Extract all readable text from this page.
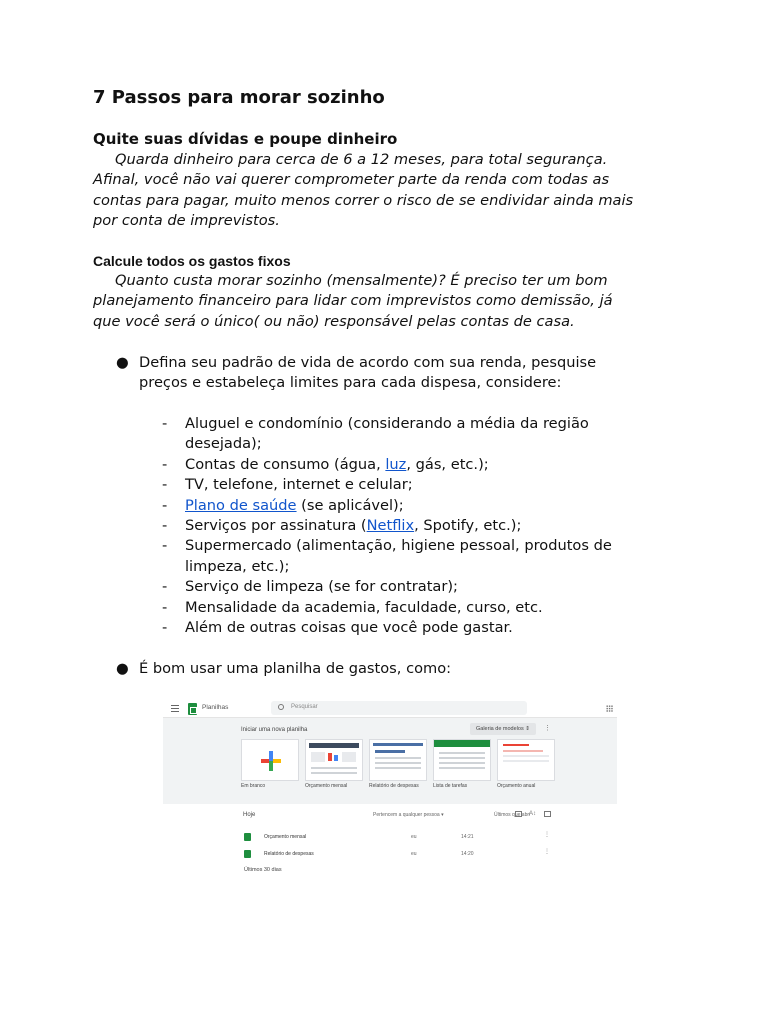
7 Passos para morar sozinho
Quite suas dívidas e poupe dinheiro
Quarda dinheiro para cerca de 6 a 12 meses, para total segurança.
Afinal, você não vai querer comprometer parte da renda com todas as
contas para pagar, muito menos correr o risco de se endividar ainda mais
por conta de imprevistos.
Calcule todos os gastos fixos
Quanto custa morar sozinho (mensalmente)? É preciso ter um bom
planejamento financeiro para lidar com imprevistos como demissão, já
que você será o único( ou não) responsável pelas contas de casa.
● Defina seu padrão de vida de acordo com sua renda, pesquise
preços e estabeleça limites para cada dispesa, considere:
-	Aluguel e condomínio (considerando a média da região
desejada);
-	Contas de consumo (água, luz, gás, etc.);
-	TV, telefone, internet e celular;
-	Plano de saúde (se aplicável);
-	Serviços por assinatura (Netflix, Spotify, etc.);
-	Supermercado (alimentação, higiene pessoal, produtos de
limpeza, etc.);
-	Serviço de limpeza (se for contratar);
-	Mensalidade da academia, faculdade, curso, etc.
-	Além de outras coisas que você pode gastar.
● É bom usar uma planilha de gastos, como:
Planilhas	Pesquisar
Iniciar uma nova planilha	Galeria de modelos ⇕	⋮
Em branco	Orçamento mensal	Relatório de despesas	Lista de tarefas	Orçamento anual
Hoje	Pertencem a qualquer pessoa ▾	Últimos que abri
A↕
Orçamento mensal	eu	14:21	⋮
Relatório de despesas	eu	14:20	⋮
Últimos 30 dias
